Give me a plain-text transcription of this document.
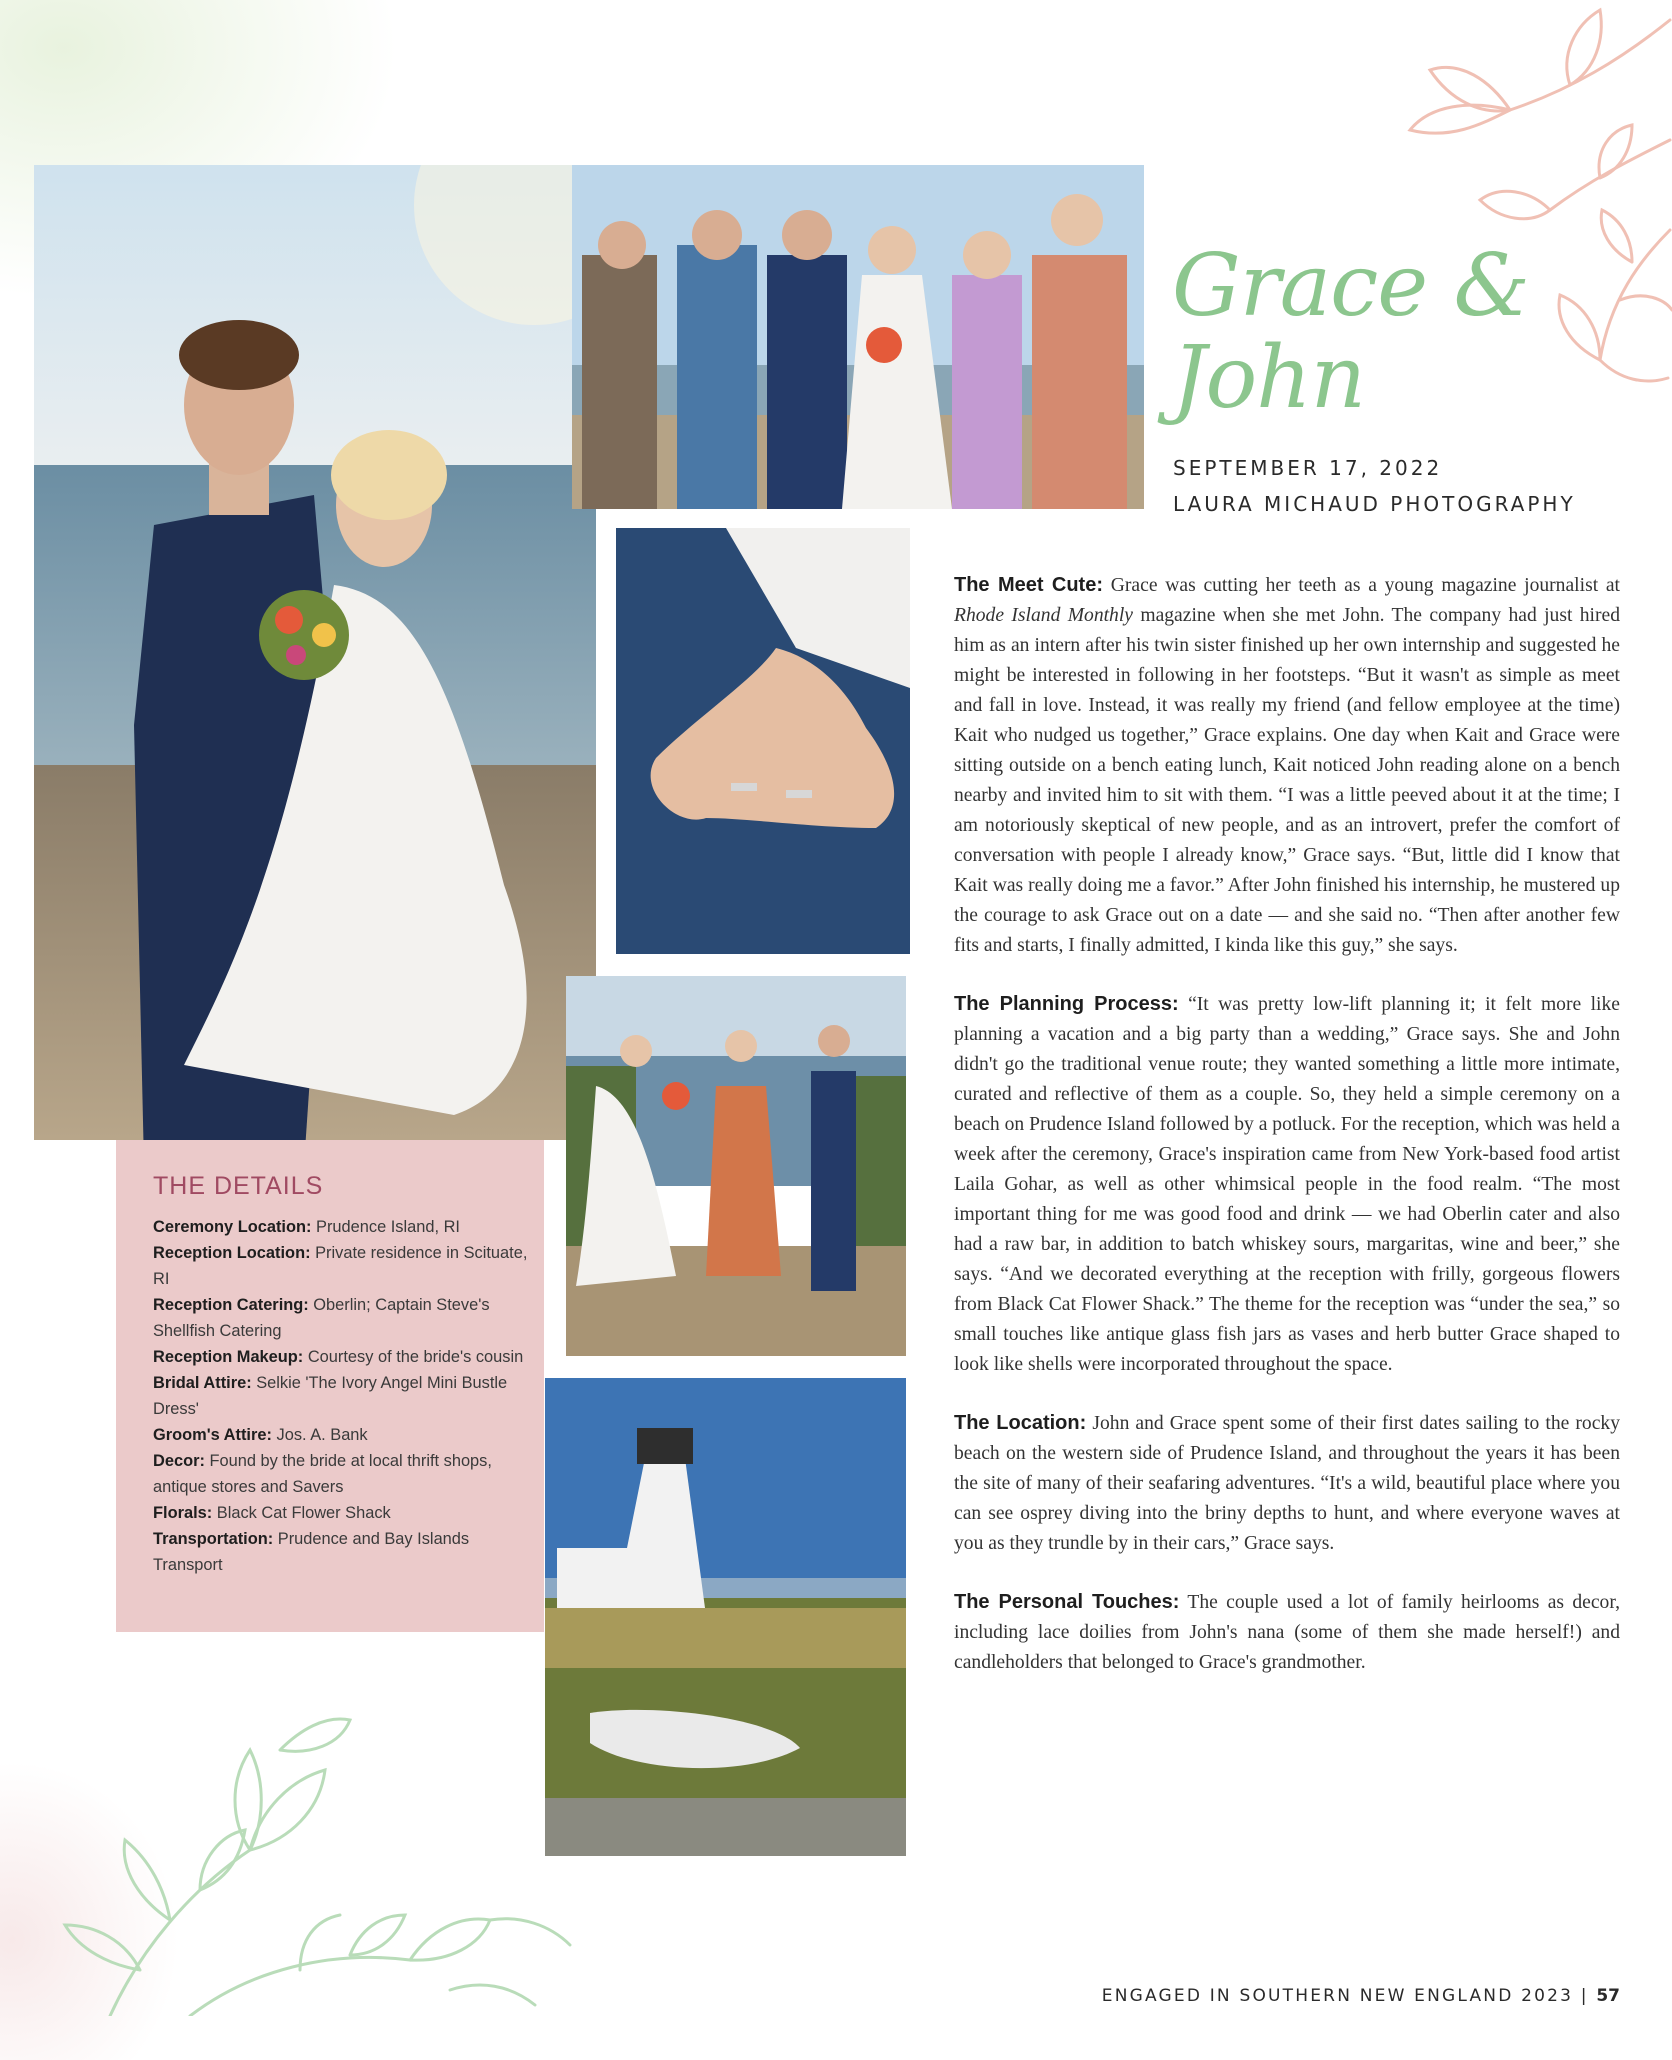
Grace &
John
SEPTEMBER 17, 2022
LAURA MICHAUD PHOTOGRAPHY

The Meet Cute: Grace was cutting her teeth as a young magazine journalist at Rhode Island Monthly magazine when she met John. The company had just hired him as an intern after his twin sister finished up her own internship and suggested he might be interested in following in her footsteps. “But it wasn't as simple as meet and fall in love. Instead, it was really my friend (and fellow employee at the time) Kait who nudged us together,” Grace explains. One day when Kait and Grace were sitting outside on a bench eating lunch, Kait noticed John reading alone on a bench nearby and invited him to sit with them. “I was a little peeved about it at the time; I am notoriously skeptical of new people, and as an introvert, prefer the comfort of conversation with people I already know,” Grace says. “But, little did I know that Kait was really doing me a favor.” After John finished his internship, he mustered up the courage to ask Grace out on a date — and she said no. “Then after another few fits and starts, I finally admitted, I kinda like this guy,” she says.

The Planning Process: “It was pretty low-lift planning it; it felt more like planning a vacation and a big party than a wedding,” Grace says. She and John didn't go the traditional venue route; they wanted something a little more intimate, curated and reflective of them as a couple. So, they held a simple ceremony on a beach on Prudence Island followed by a potluck. For the reception, which was held a week after the ceremony, Grace's inspiration came from New York-based food artist Laila Gohar, as well as other whimsical people in the food realm. “The most important thing for me was good food and drink — we had Oberlin cater and also had a raw bar, in addition to batch whiskey sours, margaritas, wine and beer,” she says. “And we decorated everything at the reception with frilly, gorgeous flowers from Black Cat Flower Shack.” The theme for the reception was “under the sea,” so small touches like antique glass fish jars as vases and herb butter Grace shaped to look like shells were incorporated throughout the space.

The Location: John and Grace spent some of their first dates sailing to the rocky beach on the western side of Prudence Island, and throughout the years it has been the site of many of their seafaring adventures. “It's a wild, beautiful place where you can see osprey diving into the briny depths to hunt, and where everyone waves at you as they trundle by in their cars,” Grace says.

The Personal Touches: The couple used a lot of family heirlooms as decor, including lace doilies from John's nana (some of them she made herself!) and candleholders that belonged to Grace's grandmother.

THE DETAILS
Ceremony Location: Prudence Island, RI
Reception Location: Private residence in Scituate, RI
Reception Catering: Oberlin; Captain Steve's Shellfish Catering
Reception Makeup: Courtesy of the bride's cousin
Bridal Attire: Selkie 'The Ivory Angel Mini Bustle Dress'
Groom's Attire: Jos. A. Bank
Decor: Found by the bride at local thrift shops, antique stores and Savers
Florals: Black Cat Flower Shack
Transportation: Prudence and Bay Islands Transport
ENGAGED IN SOUTHERN NEW ENGLAND 2023 | 57
